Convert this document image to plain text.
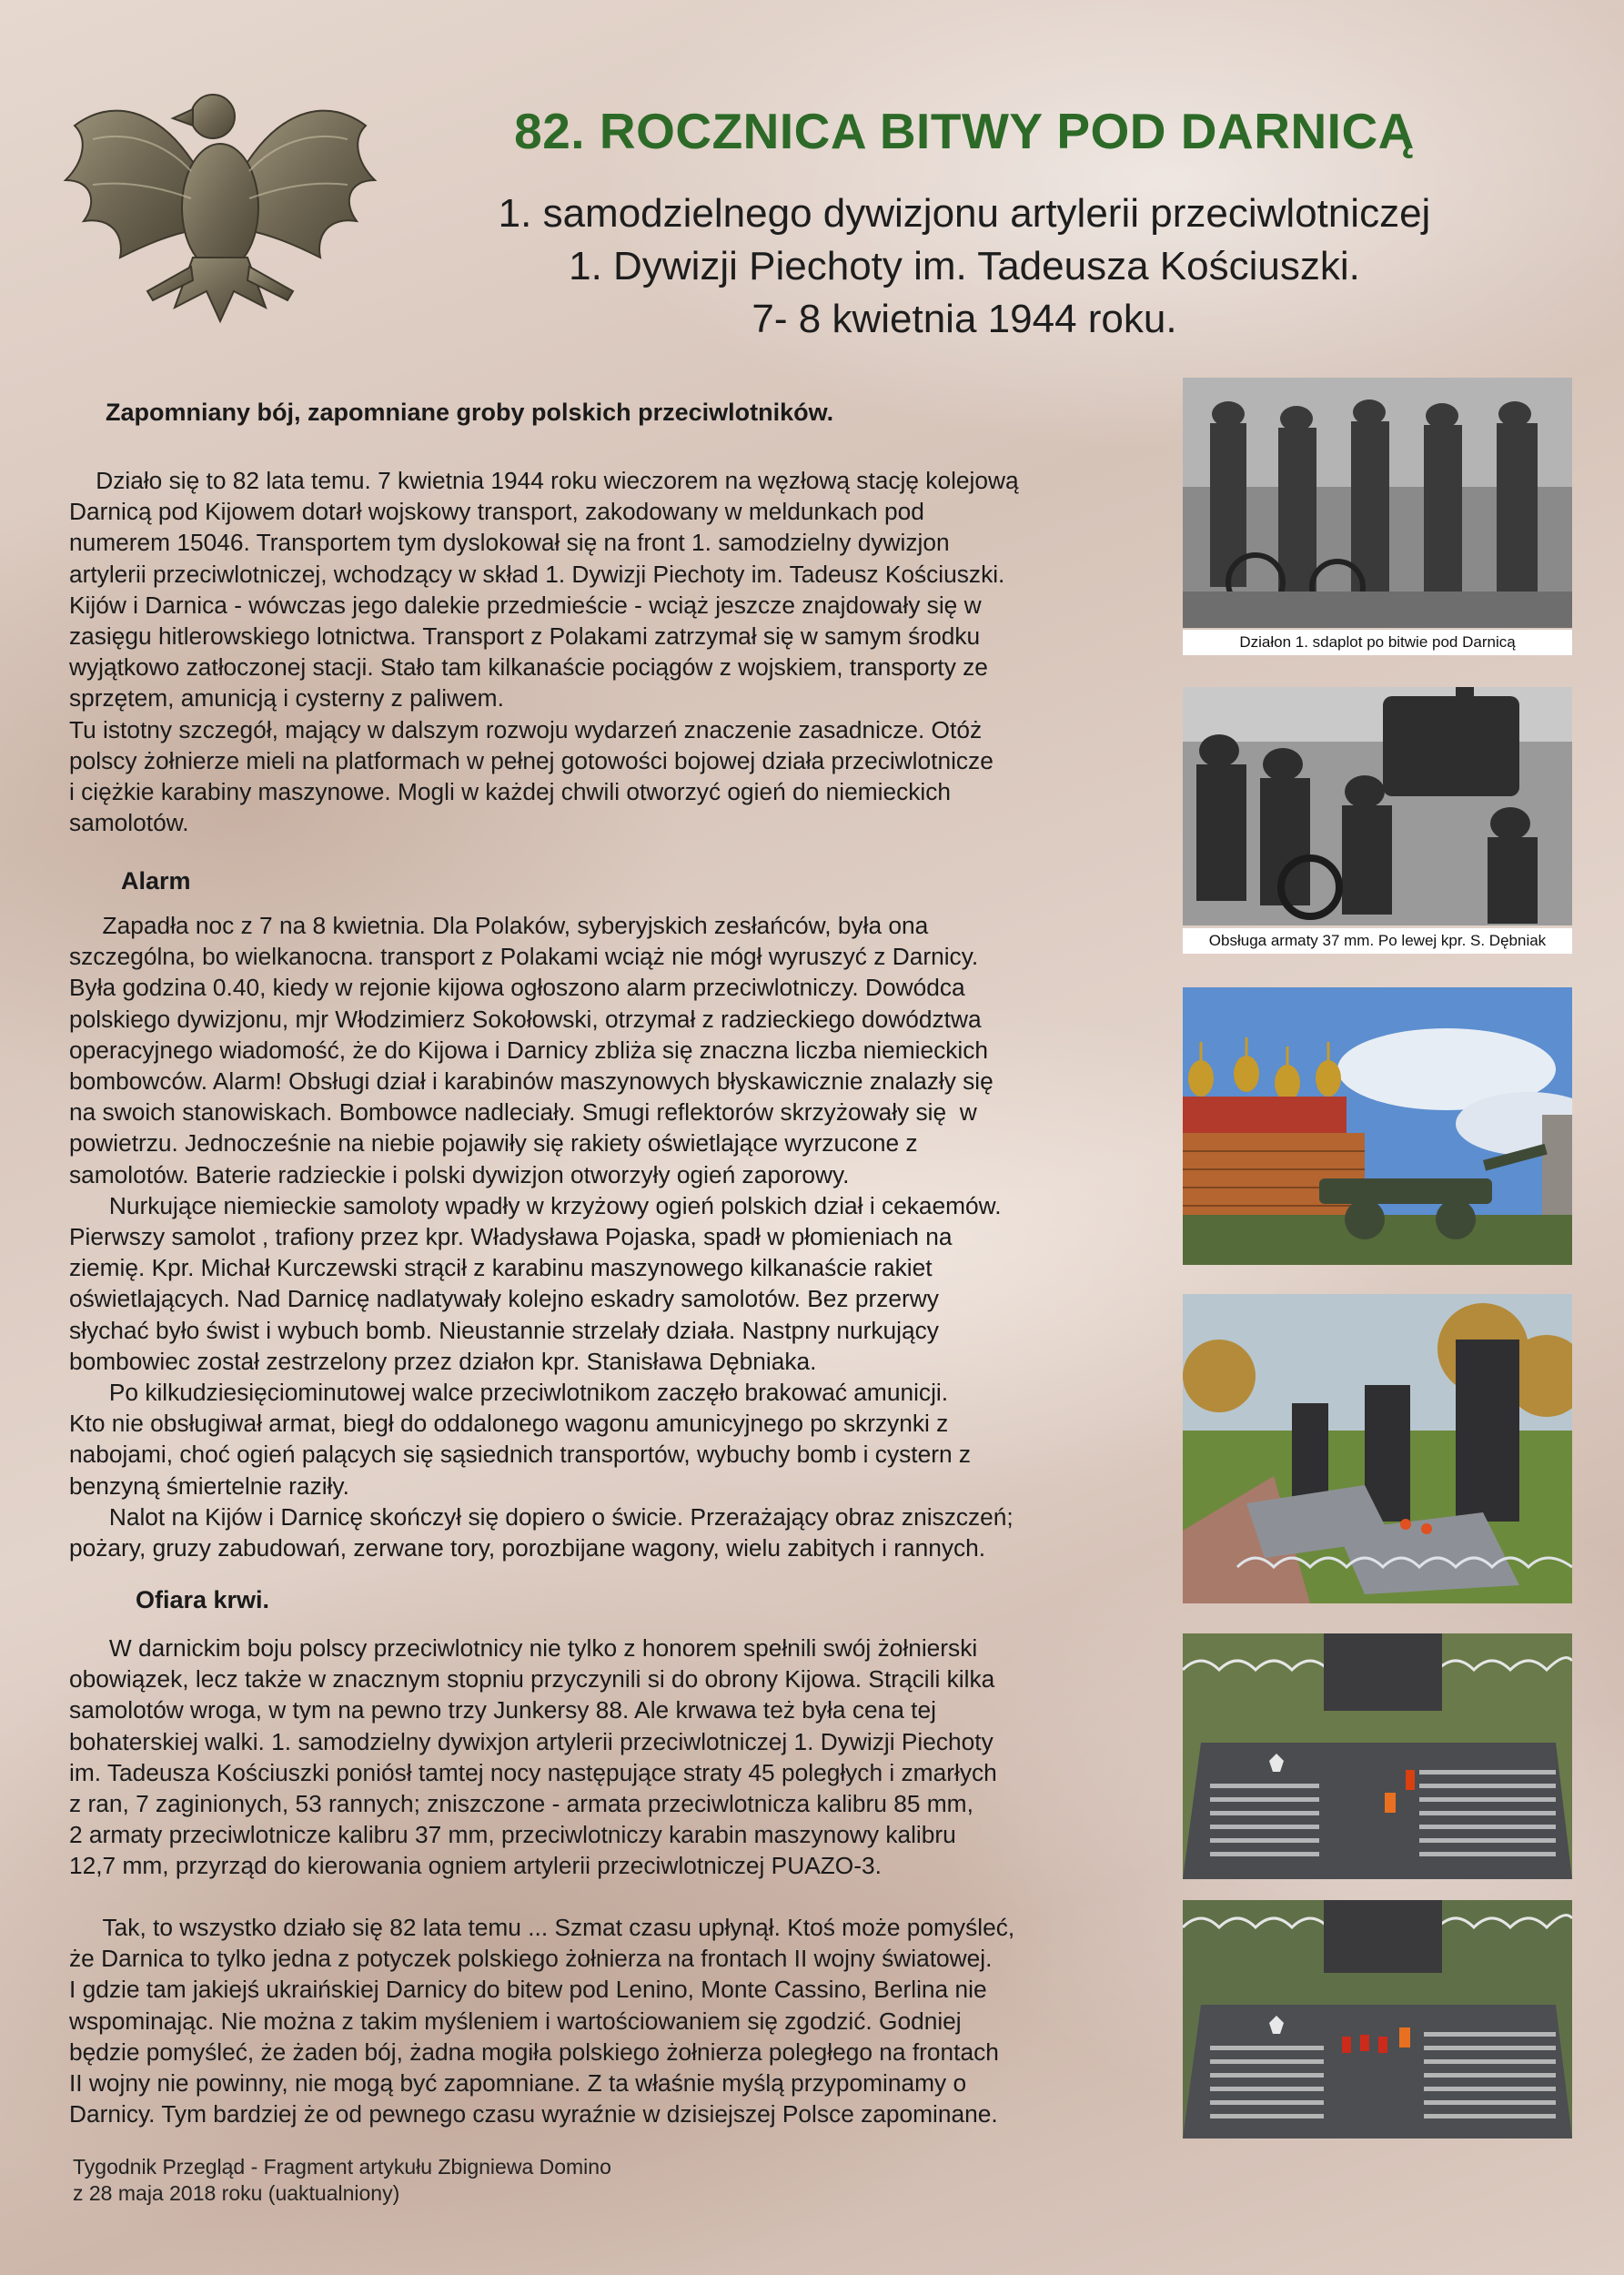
82. ROCZNICA BITWY POD DARNICĄ
1. samodzielnego dywizjonu artylerii przeciwlotniczej
1. Dywizji Piechoty im. Tadeusza Kościuszki.
7- 8 kwietnia 1944 roku.

Zapomniany bój, zapomniane groby polskich przeciwlotników.

Działo się to 82 lata temu. 7 kwietnia 1944 roku wieczorem na węzłową stację kolejową
Darnicą pod Kijowem dotarł wojskowy transport, zakodowany w meldunkach pod
numerem 15046. Transportem tym dyslokował się na front 1. samodzielny dywizjon
artylerii przeciwlotniczej, wchodzący w skład 1. Dywizji Piechoty im. Tadeusz Kościuszki.
Kijów i Darnica - wówczas jego dalekie przedmieście - wciąż jeszcze znajdowały się w
zasięgu hitlerowskiego lotnictwa. Transport z Polakami zatrzymał się w samym środku
wyjątkowo zatłoczonej stacji. Stało tam kilkanaście pociągów z wojskiem, transporty ze
sprzętem, amunicją i cysterny z paliwem.
Tu istotny szczegół, mający w dalszym rozwoju wydarzeń znaczenie zasadnicze. Otóż
polscy żołnierze mieli na platformach w pełnej gotowości bojowej działa przeciwlotnicze
i ciężkie karabiny maszynowe. Mogli w każdej chwili otworzyć ogień do niemieckich
samolotów.

Alarm

Zapadła noc z 7 na 8 kwietnia. Dla Polaków, syberyjskich zesłańców, była ona
szczególna, bo wielkanocna. transport z Polakami wciąż nie mógł wyruszyć z Darnicy.
Była godzina 0.40, kiedy w rejonie kijowa ogłoszono alarm przeciwlotniczy. Dowódca
polskiego dywizjonu, mjr Włodzimierz Sokołowski, otrzymał z radzieckiego dowództwa
operacyjnego wiadomość, że do Kijowa i Darnicy zbliża się znaczna liczba niemieckich
bombowców. Alarm! Obsługi dział i karabinów maszynowych błyskawicznie znalazły się
na swoich stanowiskach. Bombowce nadleciały. Smugi reflektorów skrzyżowały się  w
powietrzu. Jednocześnie na niebie pojawiły się rakiety oświetlające wyrzucone z
samolotów. Baterie radzieckie i polski dywizjon otworzyły ogień zaporowy.
Nurkujące niemieckie samoloty wpadły w krzyżowy ogień polskich dział i cekaemów.
Pierwszy samolot , trafiony przez kpr. Władysława Pojaska, spadł w płomieniach na
ziemię. Kpr. Michał Kurczewski strącił z karabinu maszynowego kilkanaście rakiet
oświetlających. Nad Darnicę nadlatywały kolejno eskadry samolotów. Bez przerwy
słychać było świst i wybuch bomb. Nieustannie strzelały działa. Nastpny nurkujący
bombowiec został zestrzelony przez działon kpr. Stanisława Dębniaka.
Po kilkudziesięciominutowej walce przeciwlotnikom zaczęło brakować amunicji.
Kto nie obsługiwał armat, biegł do oddalonego wagonu amunicyjnego po skrzynki z
nabojami, choć ogień palących się sąsiednich transportów, wybuchy bomb i cystern z
benzyną śmiertelnie raziły.
Nalot na Kijów i Darnicę skończył się dopiero o świcie. Przerażający obraz zniszczeń;
pożary, gruzy zabudowań, zerwane tory, porozbijane wagony, wielu zabitych i rannych.

Ofiara krwi.

W darnickim boju polscy przeciwlotnicy nie tylko z honorem spełnili swój żołnierski
obowiązek, lecz także w znacznym stopniu przyczynili si do obrony Kijowa. Strącili kilka
samolotów wroga, w tym na pewno trzy Junkersy 88. Ale krwawa też była cena tej
bohaterskiej walki. 1. samodzielny dywixjon artylerii przeciwlotniczej 1. Dywizji Piechoty
im. Tadeusza Kościuszki poniósł tamtej nocy następujące straty 45 poległych i zmarłych
z ran, 7 zaginionych, 53 rannych; zniszczone - armata przeciwlotnicza kalibru 85 mm,
2 armaty przeciwlotnicze kalibru 37 mm, przeciwlotniczy karabin maszynowy kalibru
12,7 mm, przyrząd do kierowania ogniem artylerii przeciwlotniczej PUAZO-3.
Tak, to wszystko działo się 82 lata temu ... Szmat czasu upłynął. Ktoś może pomyśleć,
że Darnica to tylko jedna z potyczek polskiego żołnierza na frontach II wojny światowej.
I gdzie tam jakiejś ukraińskiej Darnicy do bitew pod Lenino, Monte Cassino, Berlina nie
wspominając. Nie można z takim myśleniem i wartościowaniem się zgodzić. Godniej
będzie pomyśleć, że żaden bój, żadna mogiła polskiego żołnierza poległego na frontach
II wojny nie powinny, nie mogą być zapomniane. Z ta właśnie myślą przypominamy o
Darnicy. Tym bardziej że od pewnego czasu wyraźnie w dzisiejszej Polsce zapominane.
Tygodnik Przegląd - Fragment artykułu Zbigniewa Domino
z 28 maja 2018 roku (uaktualniony)
Działon 1. sdaplot po bitwie pod Darnicą
Obsługa armaty 37 mm. Po lewej kpr. S. Dębniak
